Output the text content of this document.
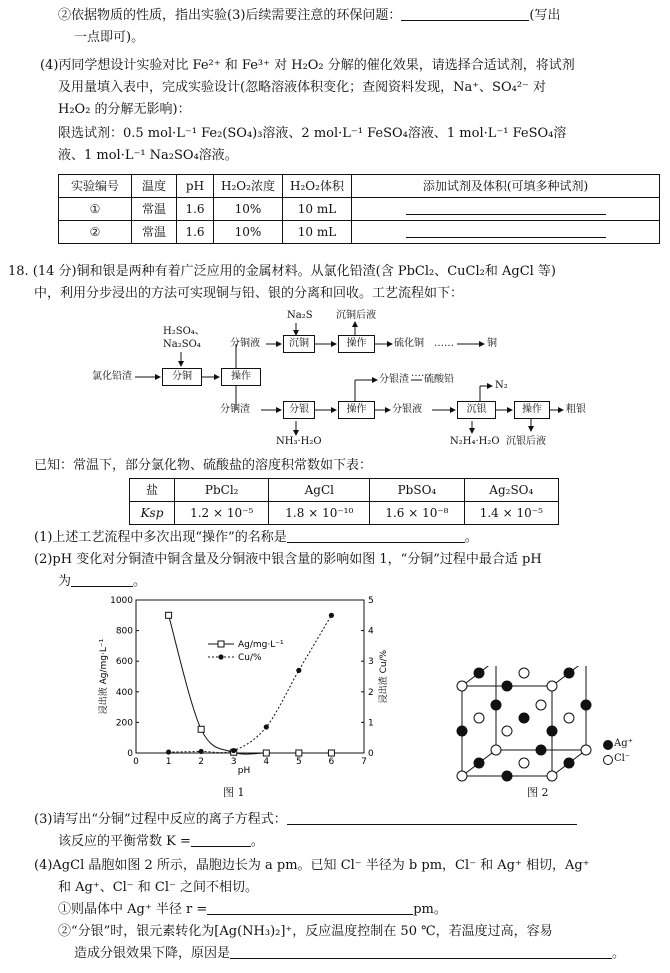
②依据物质的性质，指出实验(3)后续需要注意的环保问题：	(写出
一点即可)。
(4)丙同学想设计实验对比 Fe²⁺ 和 Fe³⁺ 对 H₂O₂ 分解的催化效果，请选择合适试剂，将试剂
及用量填入表中，完成实验设计(忽略溶液体积变化；查阅资料发现，Na⁺、SO₄²⁻ 对
H₂O₂ 的分解无影响)：
限选试剂：0.5 mol·L⁻¹ Fe₂(SO₄)₃溶液、2 mol·L⁻¹ FeSO₄溶液、1 mol·L⁻¹ FeSO₄溶
液、1 mol·L⁻¹ Na₂SO₄溶液。
实验编号	温度	pH	H₂O₂浓度	H₂O₂体积	添加试剂及体积(可填多种试剂)
①	常温	1.6	10%	10 mL	
②	常温	1.6	10%	10 mL	
18. (14 分)铜和银是两种有着广泛应用的金属材料。从氯化铅渣(含 PbCl₂、CuCl₂和 AgCl 等)
中，利用分步浸出的方法可实现铜与铅、银的分离和回收。工艺流程如下：
H₂SO₄、
Na₂SO₄
氯化铅渣	分铜	操作
分铜液
Na₂S
沉铜
沉铜后液
操作	硫化铜 ……	铜
分铜渣	分银
NH₃·H₂O
操作
分银渣
……
硫酸铅
分银液	沉银
N₂
操作	粗银
N₂H₄·H₂O 沉银后液
已知：常温下，部分氯化物、硫酸盐的溶度积常数如下表：
盐	PbCl₂	AgCl	PbSO₄	Ag₂SO₄
Ksp	1.2 × 10⁻⁵	1.8 × 10⁻¹⁰	1.6 × 10⁻⁸	1.4 × 10⁻⁵
(1)上述工艺流程中多次出现“操作”的名称是	。
(2)pH 变化对分铜渣中铜含量及分铜液中银含量的影响如图 1，“分铜”过程中最合适 pH
为	。
0	1	2	3	4	5	6	7
0
200
400
600
800
1000
0
1
2
3
4
5
pH
浸出液 Ag/mg·L⁻¹	浸出渣 Cu/%
Ag/mg·L⁻¹
Cu/%
图 1
Ag⁺
Cl⁻
图 2
(3)请写出“分铜”过程中反应的离子方程式：
该反应的平衡常数 K =	。
(4)AgCl 晶胞如图 2 所示，晶胞边长为 a pm。已知 Cl⁻ 半径为 b pm，Cl⁻ 和 Ag⁺ 相切，Ag⁺
和 Ag⁺、Cl⁻ 和 Cl⁻ 之间不相切。
①则晶体中 Ag⁺ 半径 r =	pm。
②“分银”时，银元素转化为[Ag(NH₃)₂]⁺，反应温度控制在 50 ℃，若温度过高，容易
造成分银效果下降，原因是	。
